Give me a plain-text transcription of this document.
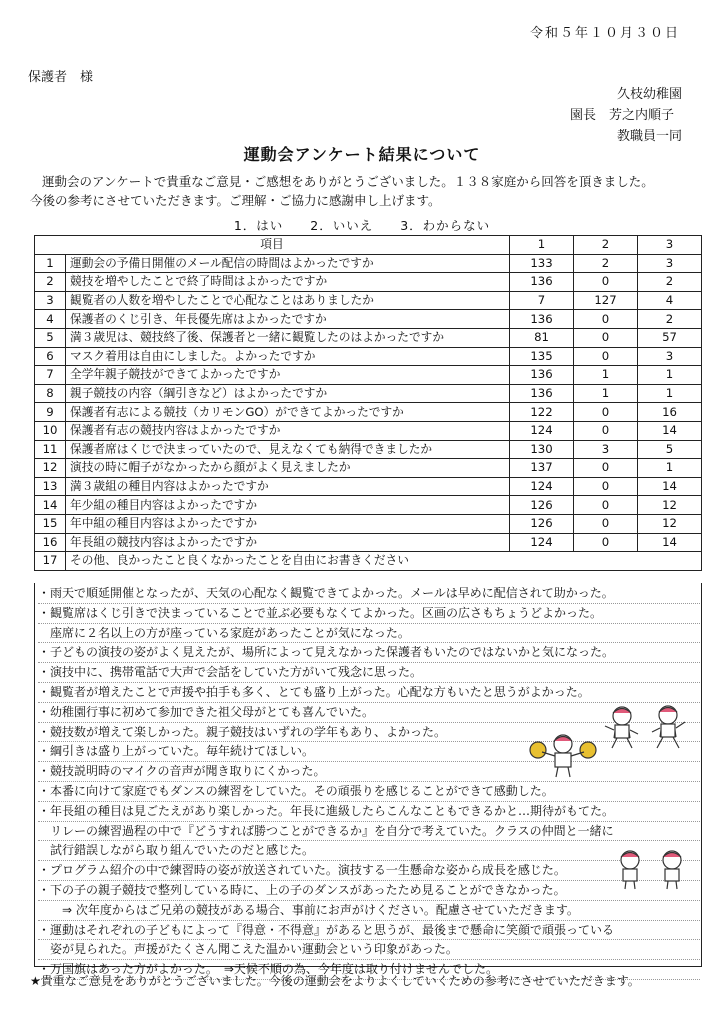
令和５年１０月３０日
保護者　様
久枝幼稚園
園長　芳之内順子
教職員一同
運動会アンケート結果について
運動会のアンケートで貴重なご意見・ご感想をありがとうございました。１３８家庭から回答を頂きました。
今後の参考にさせていただきます。ご理解・ご協力に感謝申し上げます。
1．はい　　2．いいえ　　3．わからない
項目		1	2	3
1	運動会の予備日開催のメール配信の時間はよかったですか	133	2	3
2	競技を増やしたことで終了時間はよかったですか	136	0	2
3	観覧者の人数を増やしたことで心配なことはありましたか	7	127	4
4	保護者のくじ引き、年長優先席はよかったですか	136	0	2
5	満３歳児は、競技終了後、保護者と一緒に観覧したのはよかったですか	81	0	57
6	マスク着用は自由にしました。よかったですか	135	0	3
7	全学年親子競技ができてよかったですか	136	1	1
8	親子競技の内容（綱引きなど）はよかったですか	136	1	1
9	保護者有志による競技（カリモンGO）ができてよかったですか	122	0	16
10	保護者有志の競技内容はよかったですか	124	0	14
11	保護者席はくじで決まっていたので、見えなくても納得できましたか	130	3	5
12	演技の時に帽子がなかったから顔がよく見えましたか	137	0	1
13	満３歳組の種目内容はよかったですか	124	0	14
14	年少組の種目内容はよかったですか	126	0	12
15	年中組の種目内容はよかったですか	126	0	12
16	年長組の競技内容はよかったですか	124	0	14
17	その他、良かったこと良くなかったことを自由にお書きください			
・雨天で順延開催となったが、天気の心配なく観覧できてよかった。メールは早めに配信されて助かった。
・観覧席はくじ引きで決まっていることで並ぶ必要もなくてよかった。区画の広さもちょうどよかった。
　座席に２名以上の方が座っている家庭があったことが気になった。
・子どもの演技の姿がよく見えたが、場所によって見えなかった保護者もいたのではないかと気になった。
・演技中に、携帯電話で大声で会話をしていた方がいて残念に思った。
・観覧者が増えたことで声援や拍手も多く、とても盛り上がった。心配な方もいたと思うがよかった。
・幼稚園行事に初めて参加できた祖父母がとても喜んでいた。
・競技数が増えて楽しかった。親子競技はいずれの学年もあり、よかった。
・綱引きは盛り上がっていた。毎年続けてほしい。
・競技説明時のマイクの音声が聞き取りにくかった。
・本番に向けて家庭でもダンスの練習をしていた。その頑張りを感じることができて感動した。
・年長組の種目は見ごたえがあり楽しかった。年長に進級したらこんなこともできるかと…期待がもてた。
　リレーの練習過程の中で『どうすれば勝つことができるか』を自分で考えていた。クラスの仲間と一緒に
　試行錯誤しながら取り組んでいたのだと感じた。
・プログラム紹介の中で練習時の姿が放送されていた。演技する一生懸命な姿から成長を感じた。
・下の子の親子競技で整列している時に、上の子のダンスがあったため見ることができなかった。
　　⇒ 次年度からはご兄弟の競技がある場合、事前にお声がけください。配慮させていただきます。
・運動はそれぞれの子どもによって『得意・不得意』があると思うが、最後まで懸命に笑顔で頑張っている
　姿が見られた。声援がたくさん聞こえた温かい運動会という印象があった。
・万国旗はあった方がよかった。　⇒天候不順の為、今年度は取り付けませんでした。
★貴重なご意見をありがとうございました。今後の運動会をよりよくしていくための参考にさせていただきます。
